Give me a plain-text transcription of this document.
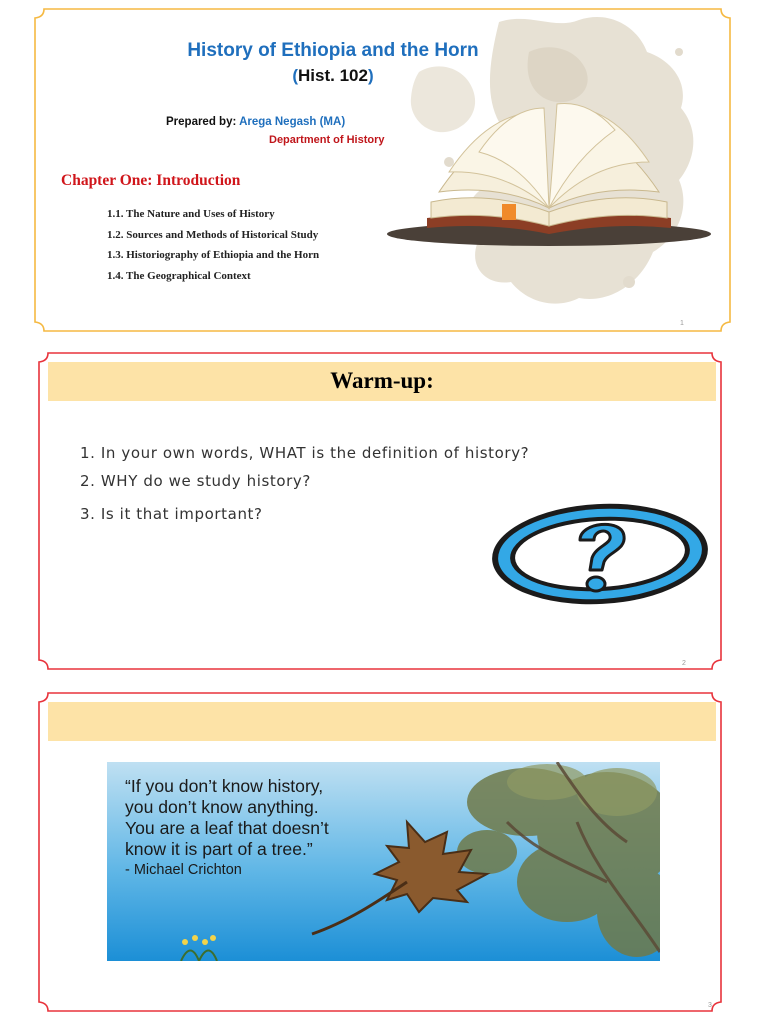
History of Ethiopia and the Horn
(Hist. 102)
Prepared by: Arega Negash (MA)
Department of History
Chapter One: Introduction
1.1. The Nature and Uses of History
1.2. Sources and Methods of Historical Study
1.3. Historiography of Ethiopia and the Horn
1.4. The Geographical Context
1
Warm-up:
1. In your own words, WHAT is the definition of history?
2. WHY do we study history?
3. Is it that important?
2
“If you don’t know history,
you don’t know anything.
You are a leaf that doesn’t
know it is part of a tree.”
- Michael Crichton
3
